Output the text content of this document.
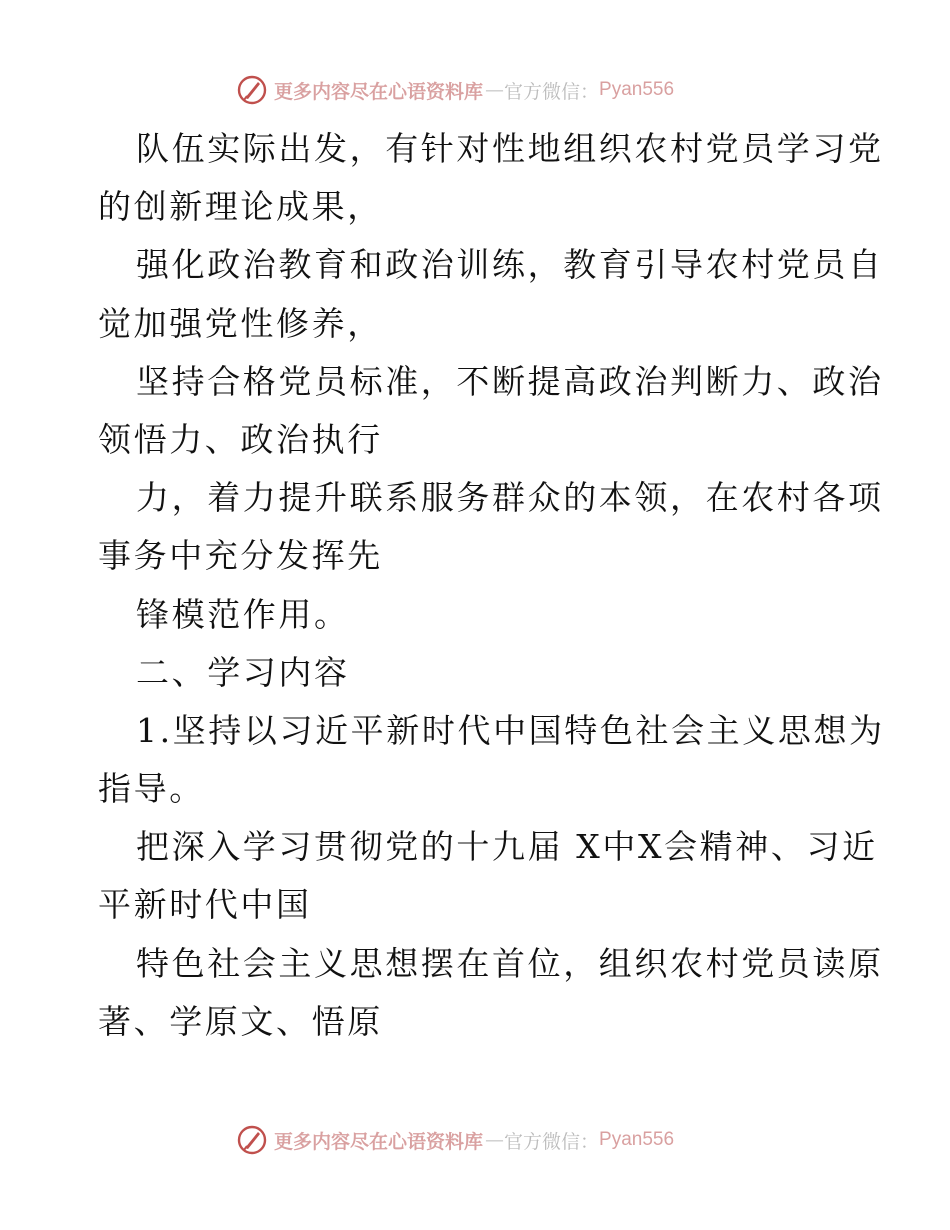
更多内容尽在心语资料库 — 官方微信： Pyan556
队伍实际出发，有针对性地组织农村党员学习党
的创新理论成果，
强化政治教育和政治训练，教育引导农村党员自
觉加强党性修养，
坚持合格党员标准，不断提高政治判断力、政治
领悟力、政治执行
力，着力提升联系服务群众的本领，在农村各项
事务中充分发挥先
锋模范作用。
二、学习内容
1.坚持以习近平新时代中国特色社会主义思想为
指导。
把深入学习贯彻党的十九届 X中X会精神、习近
平新时代中国
特色社会主义思想摆在首位，组织农村党员读原
著、学原文、悟原
更多内容尽在心语资料库 — 官方微信： Pyan556
